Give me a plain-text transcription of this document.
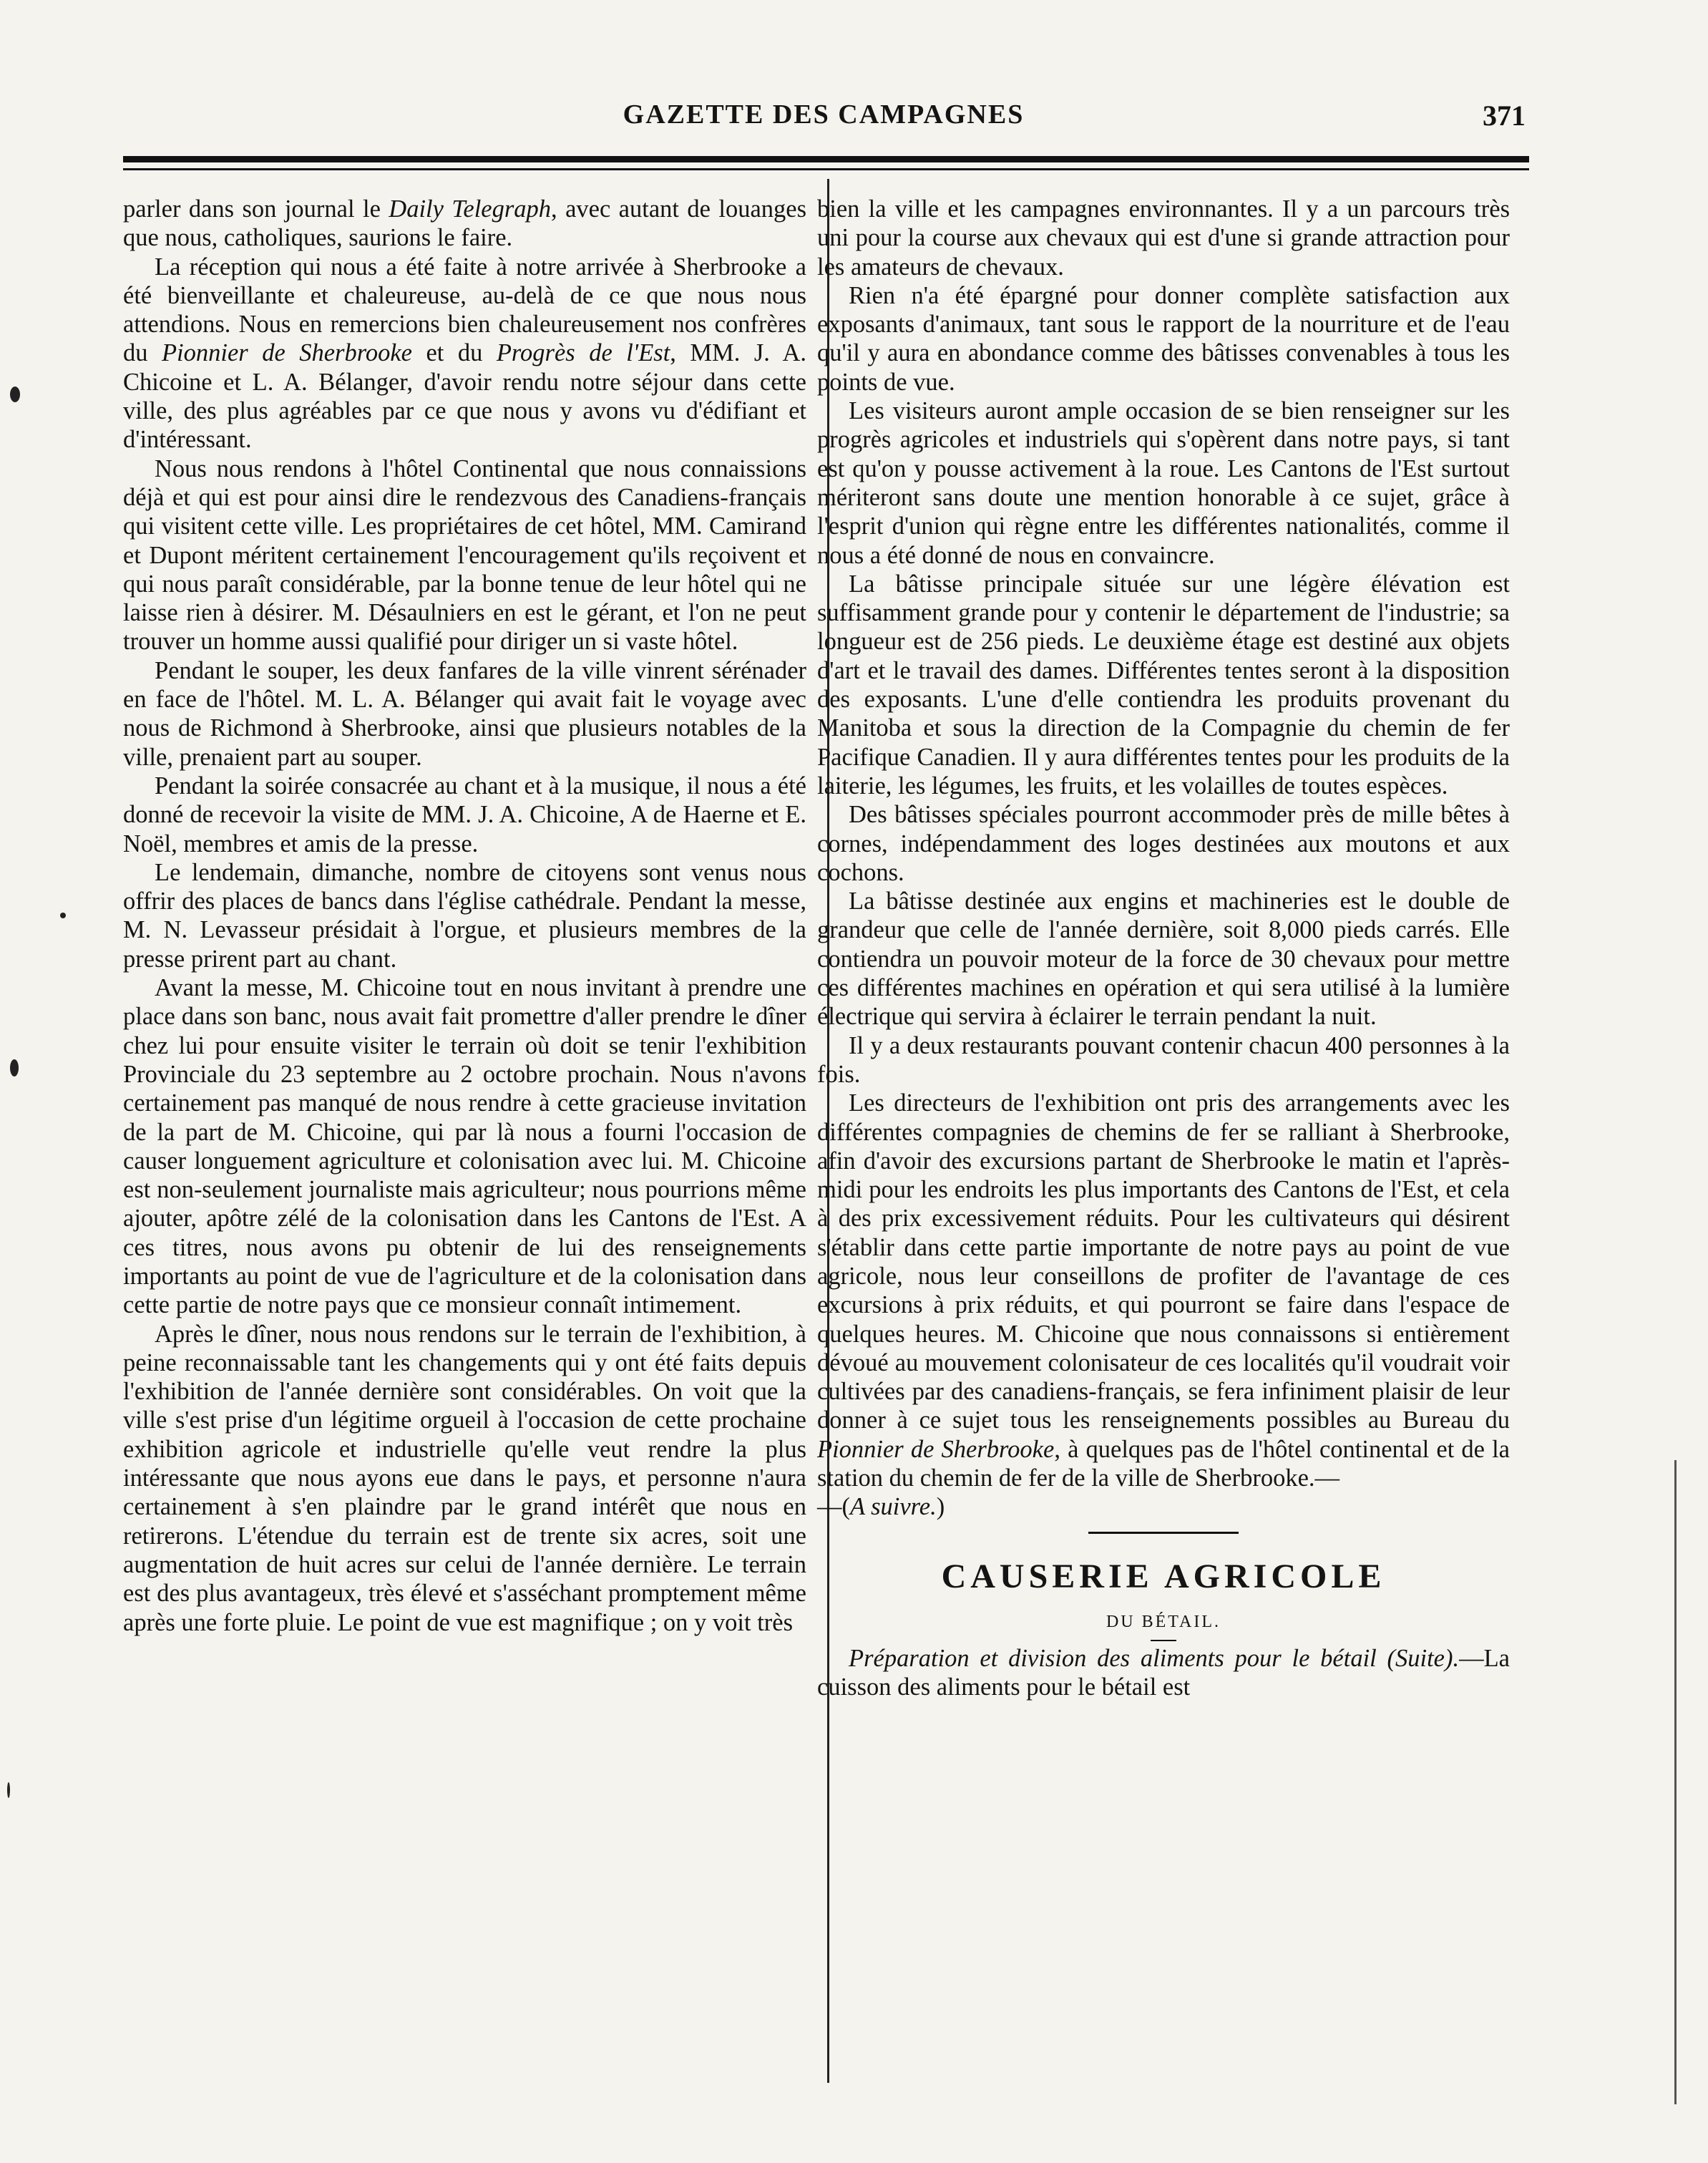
GAZETTE DES CAMPAGNES	371

parler dans son journal le Daily Telegraph, avec autant de louanges que nous, catholiques, saurions le faire.

La réception qui nous a été faite à notre arrivée à Sherbrooke a été bienveillante et chaleureuse, au-delà de ce que nous nous attendions. Nous en remercions bien chaleureusement nos confrères du Pionnier de Sherbrooke et du Progrès de l'Est, MM. J. A. Chicoine et L. A. Bélanger, d'avoir rendu notre séjour dans cette ville, des plus agréables par ce que nous y avons vu d'édifiant et d'intéressant.

Nous nous rendons à l'hôtel Continental que nous connaissions déjà et qui est pour ainsi dire le rendezvous des Canadiens-français qui visitent cette ville. Les propriétaires de cet hôtel, MM. Camirand et Dupont méritent certainement l'encouragement qu'ils reçoivent et qui nous paraît considérable, par la bonne tenue de leur hôtel qui ne laisse rien à désirer. M. Désaulniers en est le gérant, et l'on ne peut trouver un homme aussi qualifié pour diriger un si vaste hôtel.

Pendant le souper, les deux fanfares de la ville vinrent sérénader en face de l'hôtel. M. L. A. Bélanger qui avait fait le voyage avec nous de Richmond à Sherbrooke, ainsi que plusieurs notables de la ville, prenaient part au souper.

Pendant la soirée consacrée au chant et à la musique, il nous a été donné de recevoir la visite de MM. J. A. Chicoine, A de Haerne et E. Noël, membres et amis de la presse.

Le lendemain, dimanche, nombre de citoyens sont venus nous offrir des places de bancs dans l'église cathédrale. Pendant la messe, M. N. Levasseur présidait à l'orgue, et plusieurs membres de la presse prirent part au chant.

Avant la messe, M. Chicoine tout en nous invitant à prendre une place dans son banc, nous avait fait promettre d'aller prendre le dîner chez lui pour ensuite visiter le terrain où doit se tenir l'exhibition Provinciale du 23 septembre au 2 octobre prochain. Nous n'avons certainement pas manqué de nous rendre à cette gracieuse invitation de la part de M. Chicoine, qui par là nous a fourni l'occasion de causer longuement agriculture et colonisation avec lui. M. Chicoine est non-seulement journaliste mais agriculteur; nous pourrions même ajouter, apôtre zélé de la colonisation dans les Cantons de l'Est. A ces titres, nous avons pu obtenir de lui des renseignements importants au point de vue de l'agriculture et de la colonisation dans cette partie de notre pays que ce monsieur connaît intimement.

Après le dîner, nous nous rendons sur le terrain de l'exhibition, à peine reconnaissable tant les changements qui y ont été faits depuis l'exhibition de l'année dernière sont considérables. On voit que la ville s'est prise d'un légitime orgueil à l'occasion de cette prochaine exhibition agricole et industrielle qu'elle veut rendre la plus intéressante que nous ayons eue dans le pays, et personne n'aura certainement à s'en plaindre par le grand intérêt que nous en retirerons. L'étendue du terrain est de trente six acres, soit une augmentation de huit acres sur celui de l'année dernière. Le terrain est des plus avantageux, très élevé et s'asséchant promptement même après une forte pluie. Le point de vue est magnifique ; on y voit très

bien la ville et les campagnes environnantes. Il y a un parcours très uni pour la course aux chevaux qui est d'une si grande attraction pour les amateurs de chevaux.

Rien n'a été épargné pour donner complète satisfaction aux exposants d'animaux, tant sous le rapport de la nourriture et de l'eau qu'il y aura en abondance comme des bâtisses convenables à tous les points de vue.

Les visiteurs auront ample occasion de se bien renseigner sur les progrès agricoles et industriels qui s'opèrent dans notre pays, si tant est qu'on y pousse activement à la roue. Les Cantons de l'Est surtout mériteront sans doute une mention honorable à ce sujet, grâce à l'esprit d'union qui règne entre les différentes nationalités, comme il nous a été donné de nous en convaincre.

La bâtisse principale située sur une légère élévation est suffisamment grande pour y contenir le département de l'industrie; sa longueur est de 256 pieds. Le deuxième étage est destiné aux objets d'art et le travail des dames. Différentes tentes seront à la disposition des exposants. L'une d'elle contiendra les produits provenant du Manitoba et sous la direction de la Compagnie du chemin de fer Pacifique Canadien. Il y aura différentes tentes pour les produits de la laiterie, les légumes, les fruits, et les volailles de toutes espèces.

Des bâtisses spéciales pourront accommoder près de mille bêtes à cornes, indépendamment des loges destinées aux moutons et aux cochons.

La bâtisse destinée aux engins et machineries est le double de grandeur que celle de l'année dernière, soit 8,000 pieds carrés. Elle contiendra un pouvoir moteur de la force de 30 chevaux pour mettre ces différentes machines en opération et qui sera utilisé à la lumière électrique qui servira à éclairer le terrain pendant la nuit.

Il y a deux restaurants pouvant contenir chacun 400 personnes à la fois.

Les directeurs de l'exhibition ont pris des arrangements avec les différentes compagnies de chemins de fer se ralliant à Sherbrooke, afin d'avoir des excursions partant de Sherbrooke le matin et l'après-midi pour les endroits les plus importants des Cantons de l'Est, et cela à des prix excessivement réduits. Pour les cultivateurs qui désirent s'établir dans cette partie importante de notre pays au point de vue agricole, nous leur conseillons de profiter de l'avantage de ces excursions à prix réduits, et qui pourront se faire dans l'espace de quelques heures. M. Chicoine que nous connaissons si entièrement dévoué au mouvement colonisateur de ces localités qu'il voudrait voir cultivées par des canadiens-français, se fera infiniment plaisir de leur donner à ce sujet tous les renseignements possibles au Bureau du Pionnier de Sherbrooke, à quelques pas de l'hôtel continental et de la station du chemin de fer de la ville de Sherbrooke.—

—(A suivre.)

CAUSERIE AGRICOLE
DU BÉTAIL.

Préparation et division des aliments pour le bétail (Suite).—La cuisson des aliments pour le bétail est
